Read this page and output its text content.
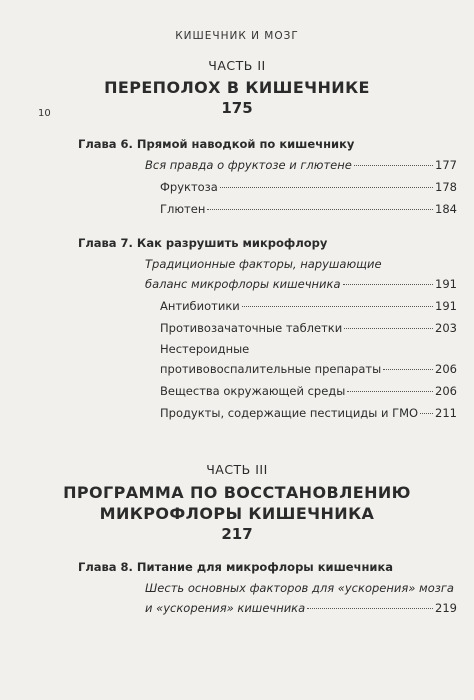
КИШЕЧНИК И МОЗГ
10
ЧАСТЬ II
ПЕРЕПОЛОХ В КИШЕЧНИКЕ
175
Глава 6. Прямой наводкой по кишечнику
Вся правда о фруктозе и глютене	177
Фруктоза	178
Глютен	184
Глава 7. Как разрушить микрофлору
Традиционные факторы, нарушающие
баланс микрофлоры кишечника	191
Антибиотики	191
Противозачаточные таблетки	203
Нестероидные
противовоспалительные препараты	206
Вещества окружающей среды	206
Продукты, содержащие пестициды и ГМО 211
ЧАСТЬ III
ПРОГРАММА ПО ВОССТАНОВЛЕНИЮ
МИКРОФЛОРЫ КИШЕЧНИКА
217
Глава 8. Питание для микрофлоры кишечника
Шесть основных факторов для «ускорения» мозга
и «ускорения» кишечника	219
